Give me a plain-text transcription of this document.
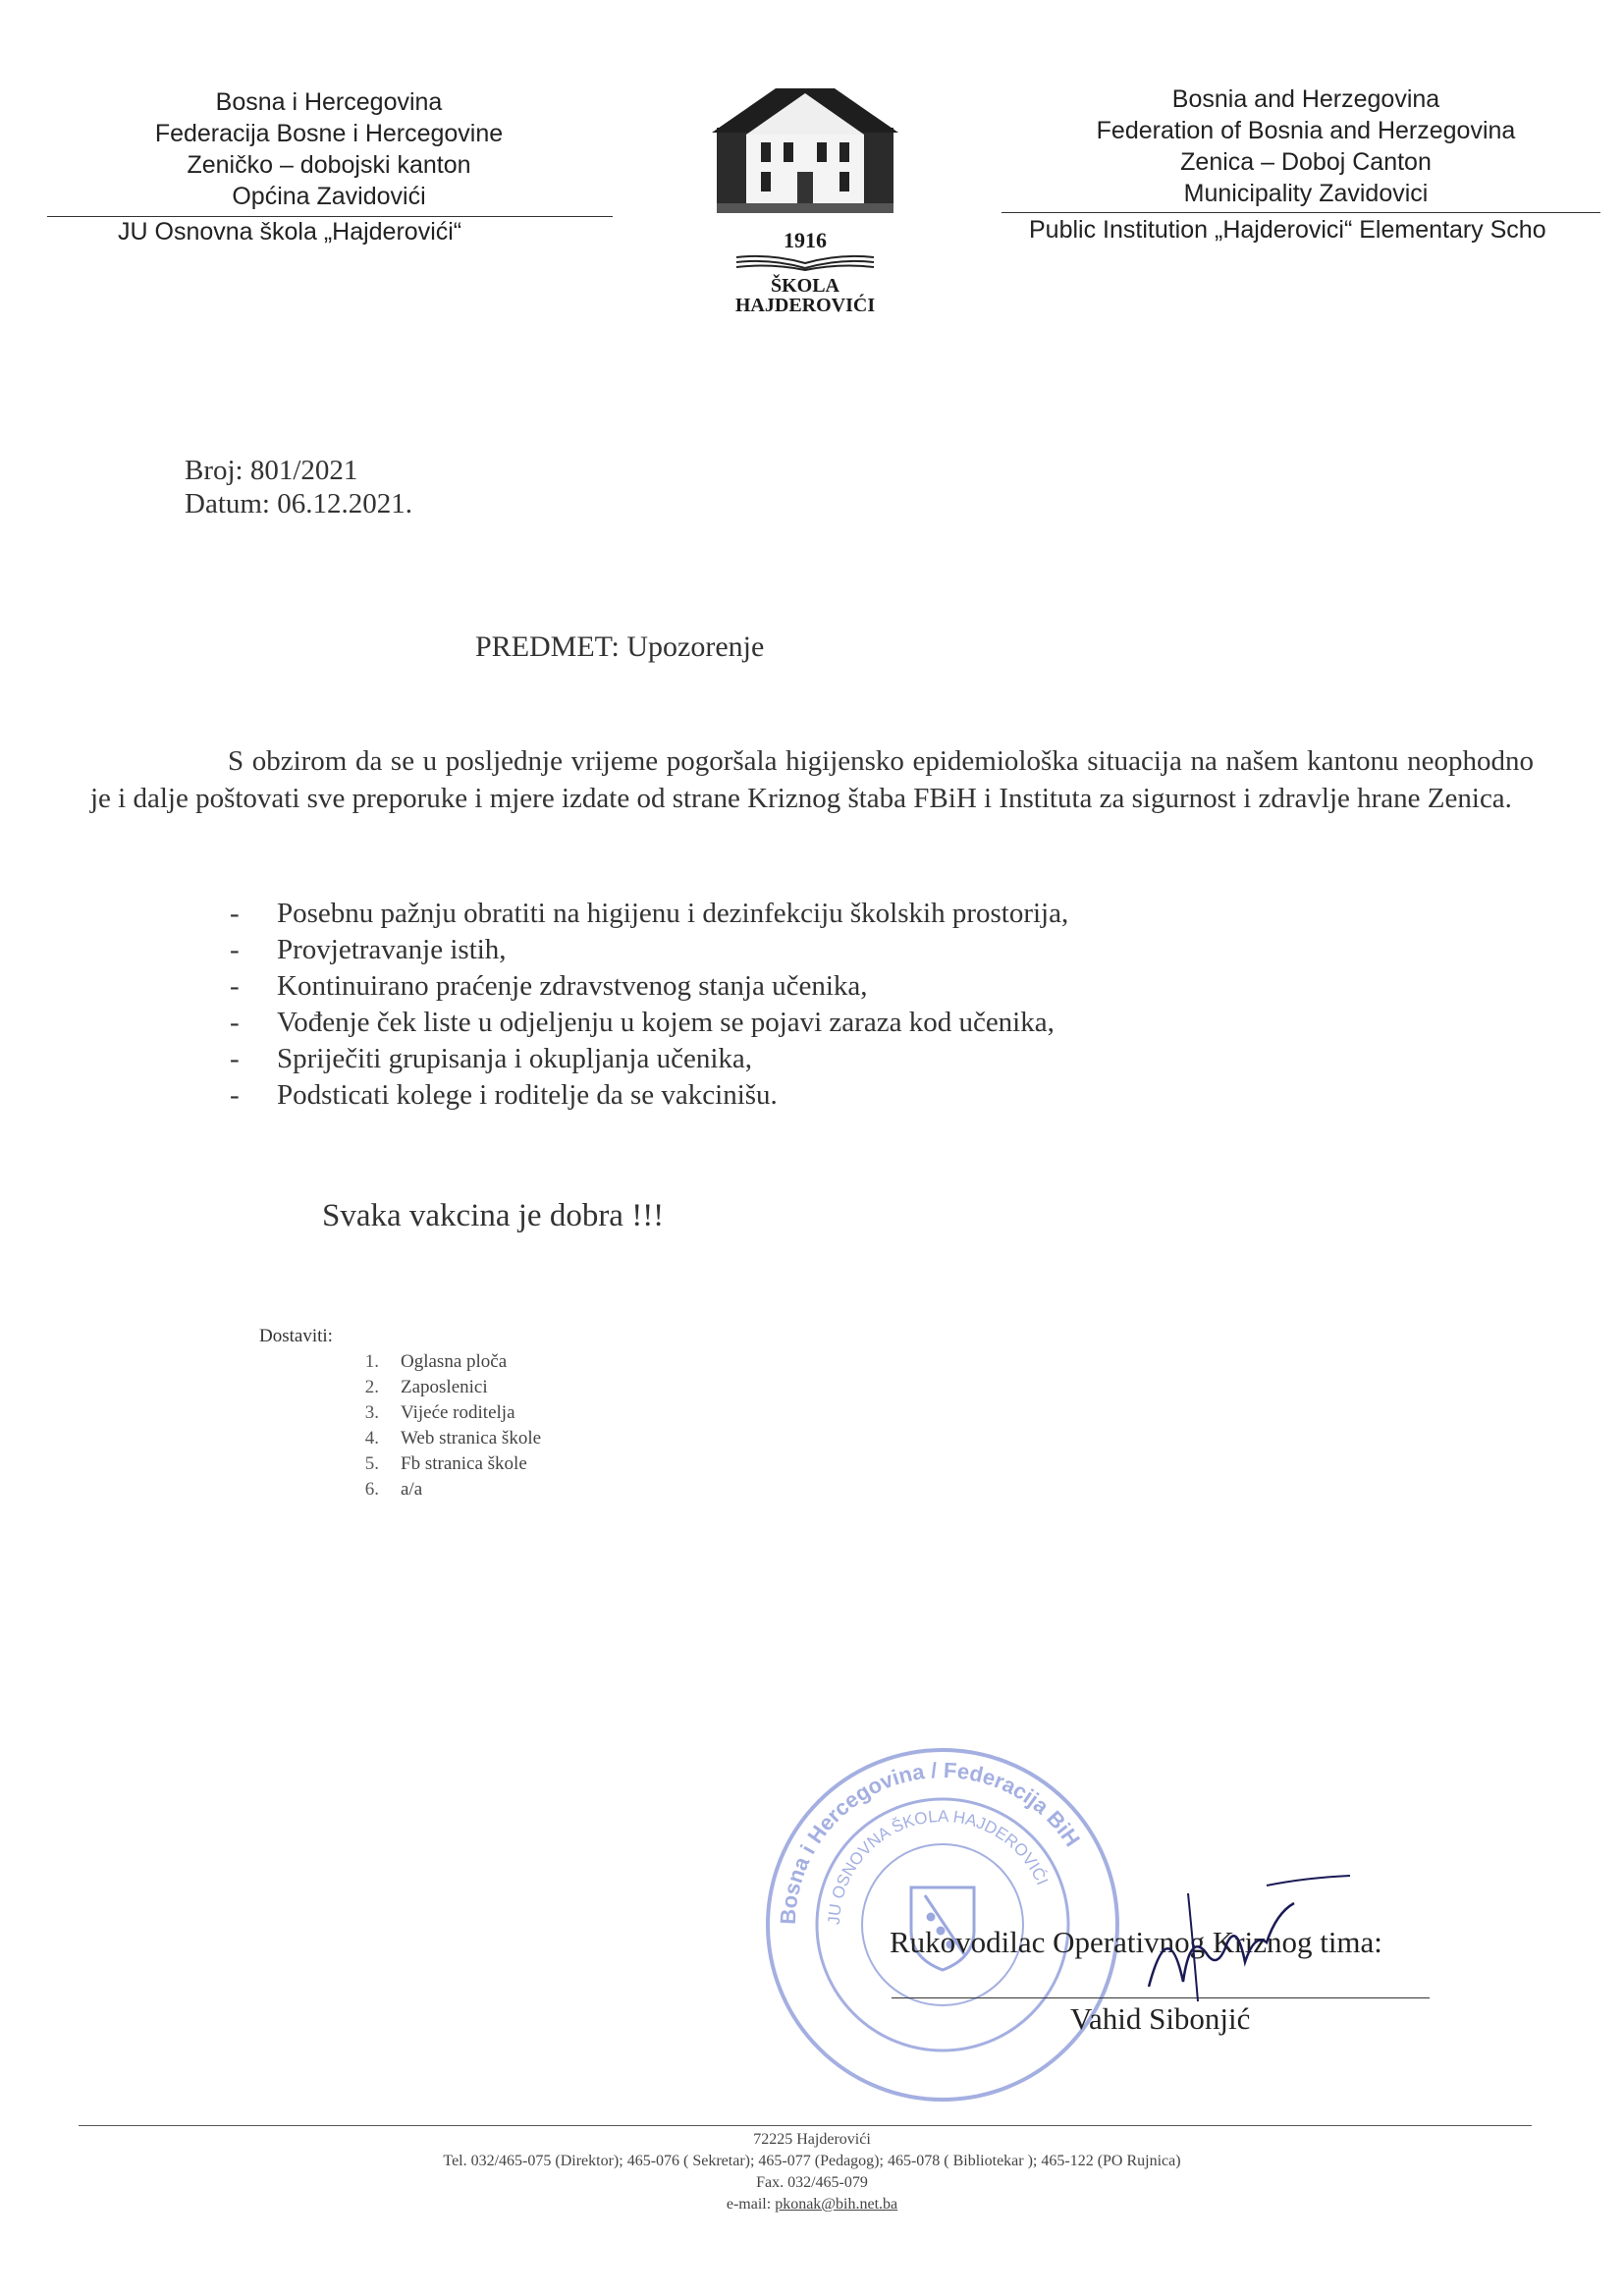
Bosna i Hercegovina
Federacija Bosne i Hercegovine
Zeničko – dobojski kanton
Općina Zavidovići
JU Osnovna škola „Hajderovići“	1916
ŠKOLA
HAJDEROVIĆI
Bosnia and Herzegovina
Federation of Bosnia and Herzegovina
Zenica – Doboj Canton
Municipality Zavidovici
Public Institution „Hajderovici“ Elementary Scho
Broj: 801/2021
Datum: 06.12.2021.
PREDMET: Upozorenje
S obzirom da se u posljednje vrijeme pogoršala higijensko epidemiološka situacija na našem kantonu neophodno je i dalje poštovati sve preporuke i mjere izdate od strane Kriznog štaba FBiH i Instituta za sigurnost i zdravlje hrane Zenica.
-	Posebnu pažnju obratiti na higijenu i dezinfekciju školskih prostorija,
-	Provjetravanje istih,
-	Kontinuirano praćenje zdravstvenog stanja učenika,
-	Vođenje ček liste u odjeljenju u kojem se pojavi zaraza kod učenika,
-	Spriječiti grupisanja i okupljanja učenika,
-	Podsticati kolege i roditelje da se vakcinišu.
Svaka vakcina je dobra !!!
Dostaviti:
1.	Oglasna ploča
2.	Zaposlenici
3.	Vijeće roditelja
4.	Web stranica škole
5.	Fb stranica škole
6.	a/a
Bosna i Hercegovina / Federacija BiH
JU OSNOVNA ŠKOLA HAJDEROVIĆI
Rukovodilac Operativnog Kriznog tima:
Vahid Sibonjić
72225 Hajderovići
Tel. 032/465-075 (Direktor); 465-076 ( Sekretar); 465-077 (Pedagog); 465-078 ( Bibliotekar ); 465-122 (PO Rujnica)
Fax. 032/465-079
e-mail: pkonak@bih.net.ba
